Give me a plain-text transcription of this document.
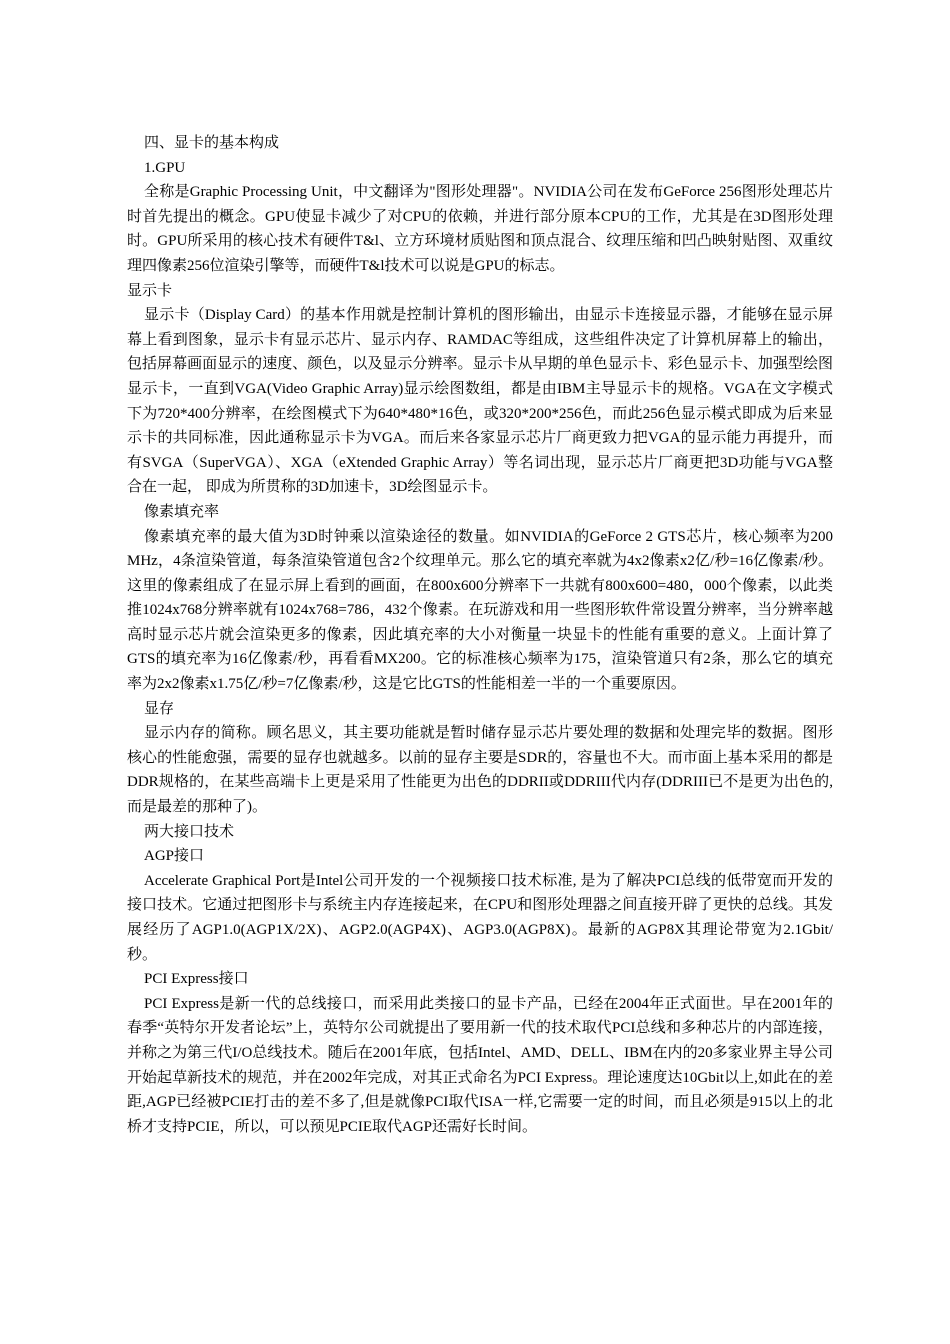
四、显卡的基本构成

1.GPU

全称是Graphic Processing Unit，中文翻译为"图形处理器"。NVIDIA公司在发布GeForce 256图形处理芯片时首先提出的概念。GPU使显卡减少了对CPU的依赖，并进行部分原本CPU的工作，尤其是在3D图形处理时。GPU所采用的核心技术有硬件T&l、立方环境材质贴图和顶点混合、纹理压缩和凹凸映射贴图、双重纹理四像素256位渲染引擎等，而硬件T&l技术可以说是GPU的标志。

显示卡

显示卡（Display Card）的基本作用就是控制计算机的图形输出，由显示卡连接显示器，才能够在显示屏幕上看到图象，显示卡有显示芯片、显示内存、RAMDAC等组成，这些组件决定了计算机屏幕上的输出，包括屏幕画面显示的速度、颜色，以及显示分辨率。显示卡从早期的单色显示卡、彩色显示卡、加强型绘图显示卡，一直到VGA(Video Graphic Array)显示绘图数组，都是由IBM主导显示卡的规格。VGA在文字模式下为720*400分辨率，在绘图模式下为640*480*16色，或320*200*256色，而此256色显示模式即成为后来显示卡的共同标准，因此通称显示卡为VGA。而后来各家显示芯片厂商更致力把VGA的显示能力再提升，而有SVGA（SuperVGA）、XGA（eXtended Graphic Array）等名词出现，显示芯片厂商更把3D功能与VGA整合在一起， 即成为所贯称的3D加速卡，3D绘图显示卡。

像素填充率

像素填充率的最大值为3D时钟乘以渲染途径的数量。如NVIDIA的GeForce 2 GTS芯片，核心频率为200 MHz，4条渲染管道，每条渲染管道包含2个纹理单元。那么它的填充率就为4x2像素x2亿/秒=16亿像素/秒。这里的像素组成了在显示屏上看到的画面，在800x600分辨率下一共就有800x600=480，000个像素，以此类推1024x768分辨率就有1024x768=786，432个像素。在玩游戏和用一些图形软件常设置分辨率，当分辨率越高时显示芯片就会渲染更多的像素，因此填充率的大小对衡量一块显卡的性能有重要的意义。上面计算了GTS的填充率为16亿像素/秒，再看看MX200。它的标准核心频率为175，渲染管道只有2条，那么它的填充率为2x2像素x1.75亿/秒=7亿像素/秒，这是它比GTS的性能相差一半的一个重要原因。

显存

显示内存的简称。顾名思义，其主要功能就是暂时储存显示芯片要处理的数据和处理完毕的数据。图形核心的性能愈强，需要的显存也就越多。以前的显存主要是SDR的，容量也不大。而市面上基本采用的都是DDR规格的，在某些高端卡上更是采用了性能更为出色的DDRII或DDRIII代内存(DDRIII已不是更为出色的,而是最差的那种了)。

两大接口技术

AGP接口

Accelerate Graphical Port是Intel公司开发的一个视频接口技术标准, 是为了解决PCI总线的低带宽而开发的接口技术。它通过把图形卡与系统主内存连接起来，在CPU和图形处理器之间直接开辟了更快的总线。其发展经历了AGP1.0(AGP1X/2X)、AGP2.0(AGP4X)、AGP3.0(AGP8X)。最新的AGP8X其理论带宽为2.1Gbit/秒。

PCI Express接口

PCI Express是新一代的总线接口，而采用此类接口的显卡产品，已经在2004年正式面世。早在2001年的春季“英特尔开发者论坛”上，英特尔公司就提出了要用新一代的技术取代PCI总线和多种芯片的内部连接，并称之为第三代I/O总线技术。随后在2001年底，包括Intel、AMD、DELL、IBM在内的20多家业界主导公司开始起草新技术的规范，并在2002年完成，对其正式命名为PCI Express。理论速度达10Gbit以上,如此在的差距,AGP已经被PCIE打击的差不多了,但是就像PCI取代ISA一样,它需要一定的时间，而且必须是915以上的北桥才支持PCIE，所以，可以预见PCIE取代AGP还需好长时间。
